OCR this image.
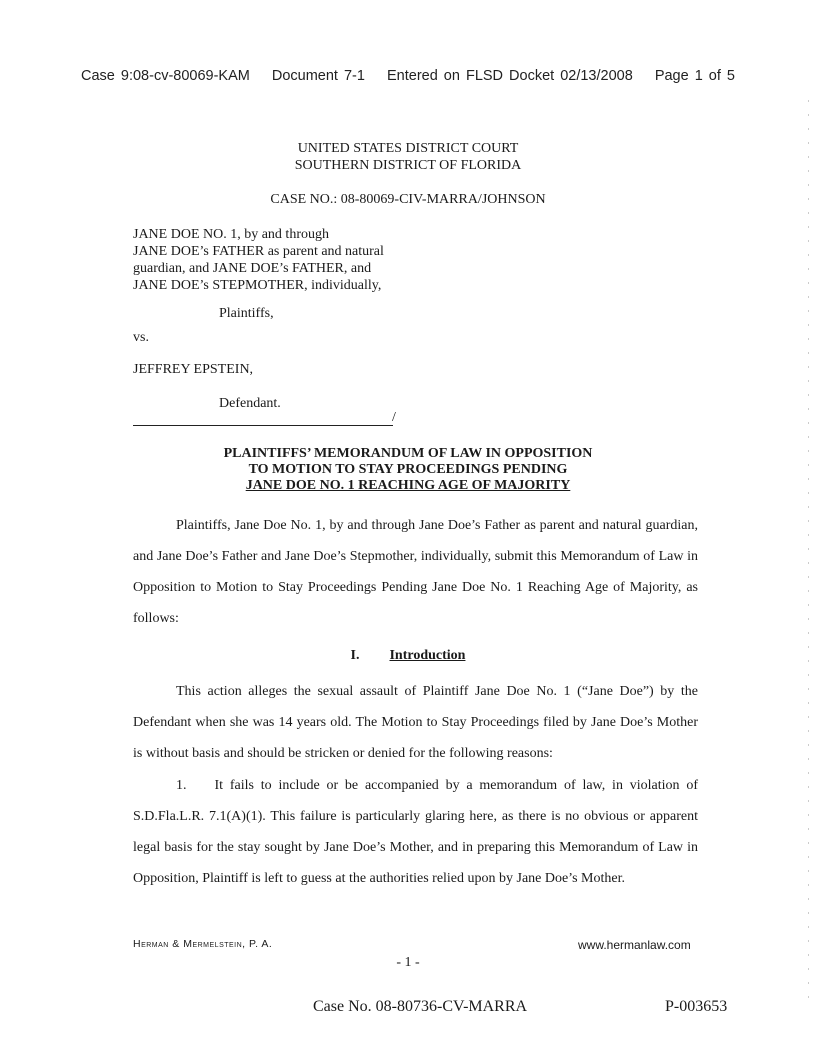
Case 9:08-cv-80069-KAM Document 7-1 Entered on FLSD Docket 02/13/2008 Page 1 of 5
UNITED STATES DISTRICT COURT
SOUTHERN DISTRICT OF FLORIDA
CASE NO.: 08-80069-CIV-MARRA/JOHNSON
JANE DOE NO. 1, by and through
JANE DOE’s FATHER as parent and natural
guardian, and JANE DOE’s FATHER, and
JANE DOE’s STEPMOTHER, individually,
Plaintiffs,
vs.
JEFFREY EPSTEIN,
Defendant.
/
PLAINTIFFS’ MEMORANDUM OF LAW IN OPPOSITION
TO MOTION TO STAY PROCEEDINGS PENDING
JANE DOE NO. 1 REACHING AGE OF MAJORITY
Plaintiffs, Jane Doe No. 1, by and through Jane Doe’s Father as parent and natural guardian, and Jane Doe’s Father and Jane Doe’s Stepmother, individually, submit this Memorandum of Law in Opposition to Motion to Stay Proceedings Pending Jane Doe No. 1 Reaching Age of Majority, as follows:
I. Introduction
This action alleges the sexual assault of Plaintiff Jane Doe No. 1 (“Jane Doe”) by the Defendant when she was 14 years old. The Motion to Stay Proceedings filed by Jane Doe’s Mother is without basis and should be stricken or denied for the following reasons:
1.  It fails to include or be accompanied by a memorandum of law, in violation of S.D.Fla.L.R. 7.1(A)(1). This failure is particularly glaring here, as there is no obvious or apparent legal basis for the stay sought by Jane Doe’s Mother, and in preparing this Memorandum of Law in Opposition, Plaintiff is left to guess at the authorities relied upon by Jane Doe’s Mother.
Herman & Mermelstein, P. A.	www.hermanlaw.com
- 1 -
Case No. 08-80736-CV-MARRA	P-003653
